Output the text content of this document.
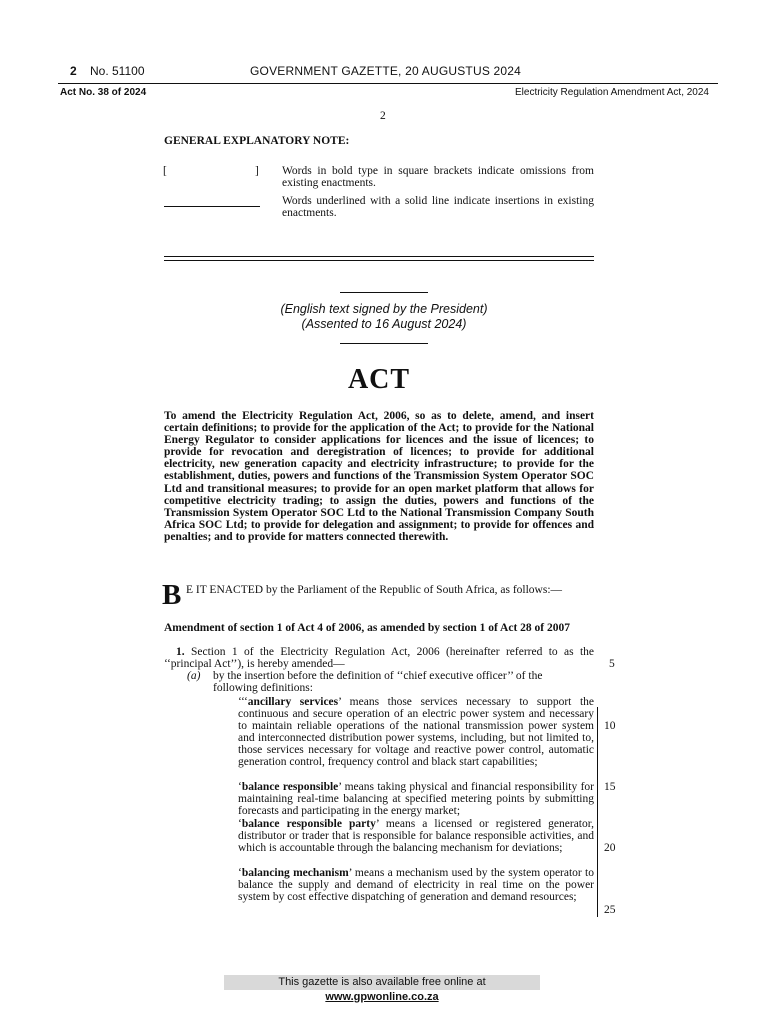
2 No. 51100	GOVERNMENT GAZETTE, 20 AUGUSTUS 2024
Act No. 38 of 2024	Electricity Regulation Amendment Act, 2024
2
GENERAL EXPLANATORY NOTE:
[	] Words in bold type in square brackets indicate omissions from existing enactments.
Words underlined with a solid line indicate insertions in existing enactments.
(English text signed by the President)
(Assented to 16 August 2024)
ACT
To amend the Electricity Regulation Act, 2006, so as to delete, amend, and insert certain definitions; to provide for the application of the Act; to provide for the National Energy Regulator to consider applications for licences and the issue of licences; to provide for revocation and deregistration of licences; to provide for additional electricity, new generation capacity and electricity infrastructure; to provide for the establishment, duties, powers and functions of the Transmission System Operator SOC Ltd and transitional measures; to provide for an open market platform that allows for competitive electricity trading; to assign the duties, powers and functions of the Transmission System Operator SOC Ltd to the National Transmission Company South Africa SOC Ltd; to provide for delegation and assignment; to provide for offences and penalties; and to provide for matters connected therewith.
B E IT ENACTED by the Parliament of the Republic of South Africa, as follows:—
Amendment of section 1 of Act 4 of 2006, as amended by section 1 of Act 28 of 2007
1. Section 1 of the Electricity Regulation Act, 2006 (hereinafter referred to as the ‘‘principal Act’’), is hereby amended—
(a) by the insertion before the definition of ‘‘chief executive officer’’ of the
following definitions:
‘‘‘ancillary services’ means those services necessary to support the continuous and secure operation of an electric power system and necessary to maintain reliable operations of the national transmission power system and interconnected distribution power systems, including, but not limited to, those services necessary for voltage and reactive power control, automatic generation control, frequency control and black start capabilities;
‘balance responsible’ means taking physical and financial responsibility for maintaining real-time balancing at specified metering points by submitting forecasts and participating in the energy market;
‘balance responsible party’ means a licensed or registered generator, distributor or trader that is responsible for balance responsible activities, and which is accountable through the balancing mechanism for deviations;
‘balancing mechanism’ means a mechanism used by the system operator to balance the supply and demand of electricity in real time on the power system by cost effective dispatching of generation and demand resources;
5
10
15
20
25
This gazette is also available free online at www.gpwonline.co.za
